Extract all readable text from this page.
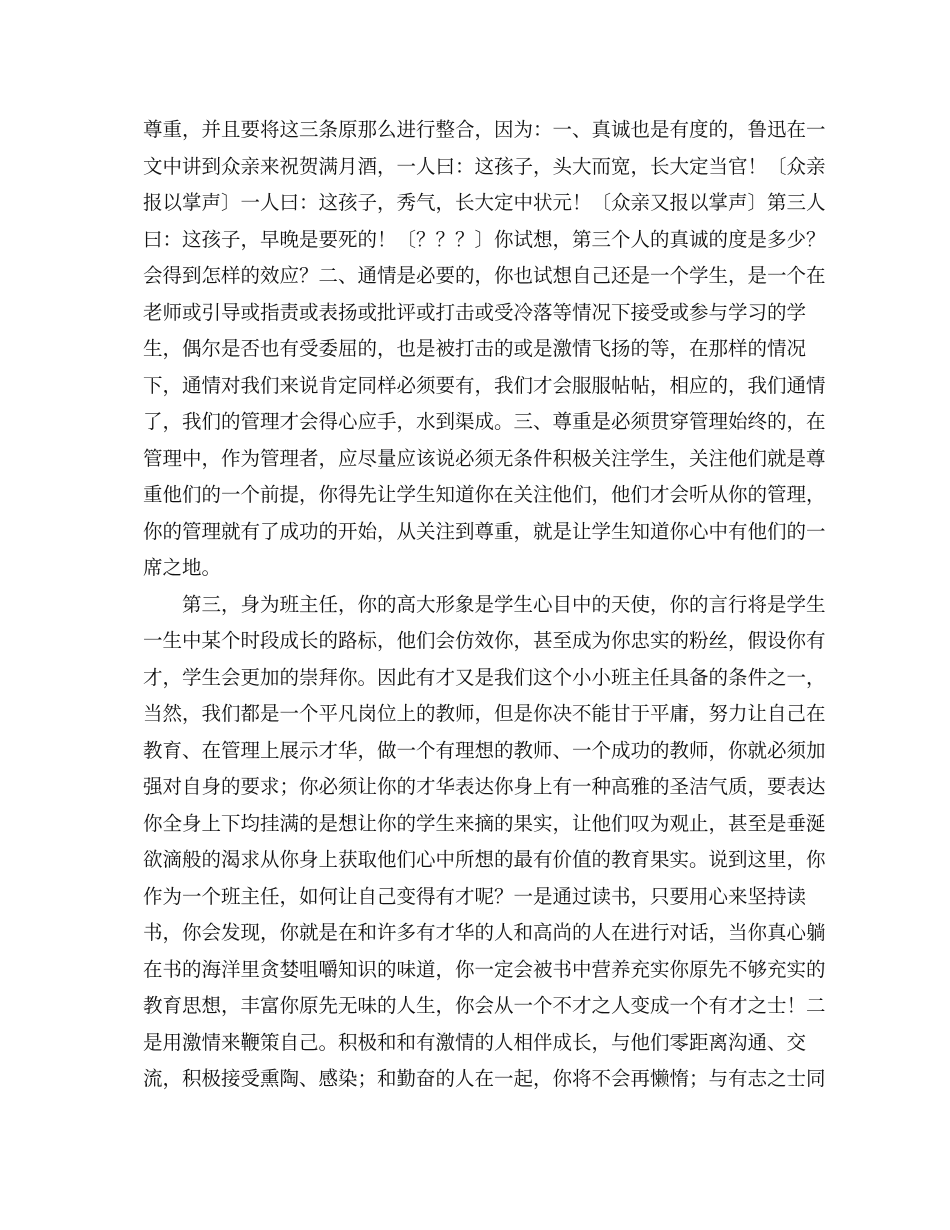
尊重，并且要将这三条原那么进行整合，因为：一、真诚也是有度的，鲁迅在一
文中讲到众亲来祝贺满月酒，一人曰：这孩子，头大而宽，长大定当官！〔众亲
报以掌声〕一人曰：这孩子，秀气，长大定中状元！〔众亲又报以掌声〕第三人
曰：这孩子，早晚是要死的！〔？？？〕你试想，第三个人的真诚的度是多少？
会得到怎样的效应？二、通情是必要的，你也试想自己还是一个学生，是一个在
老师或引导或指责或表扬或批评或打击或受冷落等情况下接受或参与学习的学
生，偶尔是否也有受委屈的，也是被打击的或是激情飞扬的等，在那样的情况
下，通情对我们来说肯定同样必须要有，我们才会服服帖帖，相应的，我们通情
了，我们的管理才会得心应手，水到渠成。三、尊重是必须贯穿管理始终的，在
管理中，作为管理者，应尽量应该说必须无条件积极关注学生，关注他们就是尊
重他们的一个前提，你得先让学生知道你在关注他们，他们才会听从你的管理，
你的管理就有了成功的开始，从关注到尊重，就是让学生知道你心中有他们的一
席之地。
第三，身为班主任，你的高大形象是学生心目中的天使，你的言行将是学生
一生中某个时段成长的路标，他们会仿效你，甚至成为你忠实的粉丝，假设你有
才，学生会更加的崇拜你。因此有才又是我们这个小小班主任具备的条件之一，
当然，我们都是一个平凡岗位上的教师，但是你决不能甘于平庸，努力让自己在
教育、在管理上展示才华，做一个有理想的教师、一个成功的教师，你就必须加
强对自身的要求；你必须让你的才华表达你身上有一种高雅的圣洁气质，要表达
你全身上下均挂满的是想让你的学生来摘的果实，让他们叹为观止，甚至是垂涎
欲滴般的渴求从你身上获取他们心中所想的最有价值的教育果实。说到这里，你
作为一个班主任，如何让自己变得有才呢？一是通过读书，只要用心来坚持读
书，你会发现，你就是在和许多有才华的人和高尚的人在进行对话，当你真心躺
在书的海洋里贪婪咀嚼知识的味道，你一定会被书中营养充实你原先不够充实的
教育思想，丰富你原先无味的人生，你会从一个不才之人变成一个有才之士！二
是用激情来鞭策自己。积极和和有激情的人相伴成长，与他们零距离沟通、交
流，积极接受熏陶、感染；和勤奋的人在一起，你将不会再懒惰；与有志之士同
